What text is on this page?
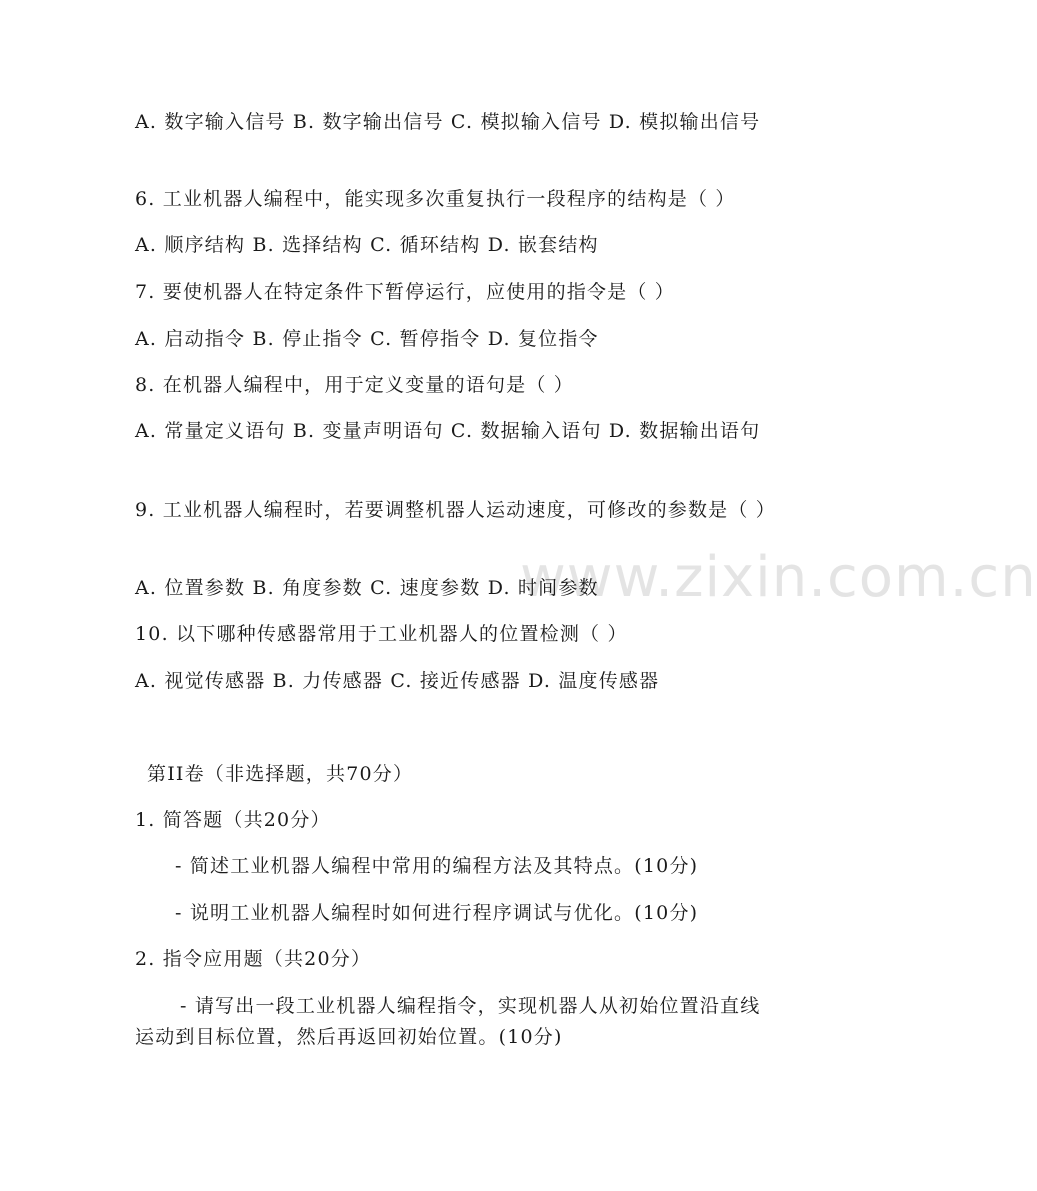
www.zixin.com.cn
A. 数字输入信号 B. 数字输出信号 C. 模拟输入信号 D. 模拟输出信号
6. 工业机器人编程中，能实现多次重复执行一段程序的结构是（ ）
A. 顺序结构 B. 选择结构 C. 循环结构 D. 嵌套结构
7. 要使机器人在特定条件下暂停运行，应使用的指令是（ ）
A. 启动指令 B. 停止指令 C. 暂停指令 D. 复位指令
8. 在机器人编程中，用于定义变量的语句是（ ）
A. 常量定义语句 B. 变量声明语句 C. 数据输入语句 D. 数据输出语句
9. 工业机器人编程时，若要调整机器人运动速度，可修改的参数是（ ）
A. 位置参数 B. 角度参数 C. 速度参数 D. 时间参数
10. 以下哪种传感器常用于工业机器人的位置检测（ ）
A. 视觉传感器 B. 力传感器 C. 接近传感器 D. 温度传感器
第II卷（非选择题，共70分）
1. 简答题（共20分）
- 简述工业机器人编程中常用的编程方法及其特点。(10分)
- 说明工业机器人编程时如何进行程序调试与优化。(10分)
2. 指令应用题（共20分）
- 请写出一段工业机器人编程指令，实现机器人从初始位置沿直线运动到目标位置，然后再返回初始位置。(10分)
